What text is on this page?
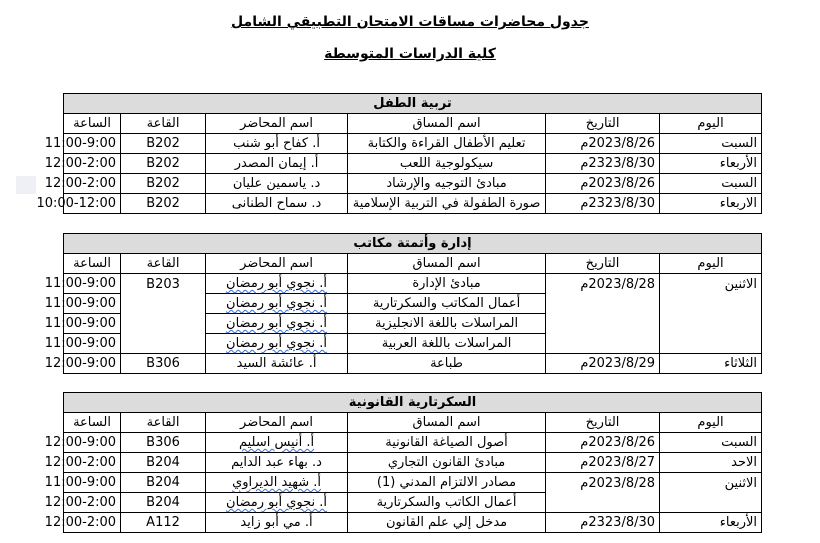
جدول محاضرات مساقات الامتحان التطبيقي الشامل
كلية الدراسات المتوسطة
تربية الطفل					
اليوم	التاريخ	اسم المساق	اسم المحاضر	القاعة	الساعة
السبت	2023/8/26م	تعليم الأطفال القراءة والكتابة	أ. كفاح أبو شنب	B202	11:00-9:00
الأربعاء	2323/8/30م	سيكولوجية اللعب	أ. إيمان المصدر	B202	12:00-2:00
السبت	2023/8/26م	مبادئ التوجيه والإرشاد	د. ياسمين عليان	B202	12:00-2:00
الاربعاء	2323/8/30م	صورة الطفولة في التربية الإسلامية	د. سماح الطنانى	B202	10:00-12:00
إدارة وأتمتة مكاتب					
اليوم	التاريخ	اسم المساق	اسم المحاضر	القاعة	الساعة
الاثنين	2023/8/28م	مبادئ الإدارة	أ. نجوي أبو رمضان	B203	11:00-9:00
		أعمال المكاتب والسكرتارية	أ. نجوي أبو رمضان		11:00-9:00
		المراسلات باللغة الانجليزية	أ. نجوي أبو رمضان		11:00-9:00
		المراسلات باللغة العربية	أ. نجوي أبو رمضان		11:00-9:00
الثلاثاء	2023/8/29م	طباعة	أ. عائشة السيد	B306	12:00-9:00
السكرتارية القانونية					
اليوم	التاريخ	اسم المساق	اسم المحاضر	القاعة	الساعة
السبت	2023/8/26م	أصول الصياغة القانونية	أ. أنيس اسليم	B306	12:00-9:00
الاحد	2023/8/27م	مبادئ القانون التجاري	د. بهاء عبد الدايم	B204	12:00-2:00
الاثنين	2023/8/28م	مصادر الالتزام المدني (1)	أ. شهيد الديراوي	B204	11:00-9:00
		أعمال الكاتب والسكرتارية	أ. نجوي أبو رمضان	B204	12:00-2:00
الأربعاء	2323/8/30م	مدخل إلي علم القانون	أ. مي أبو زايد	A112	12:00-2:00
